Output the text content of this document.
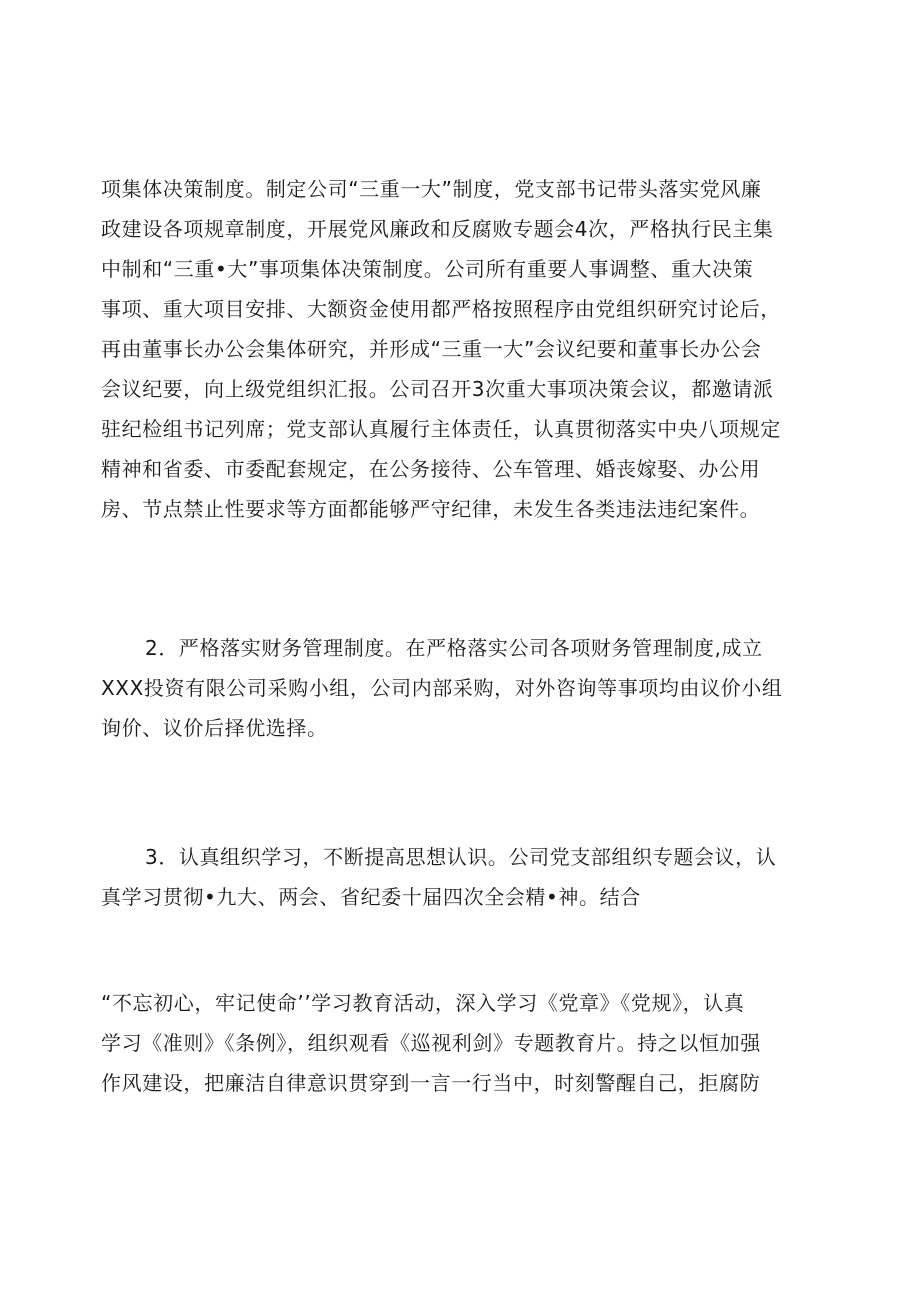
项集体决策制度。制定公司“三重一大”制度，党支部书记带头落实党风廉
政建设各项规章制度，开展党风廉政和反腐败专题会4次，严格执行民主集
中制和“三重•大”事项集体决策制度。公司所有重要人事调整、重大决策
事项、重大项目安排、大额资金使用都严格按照程序由党组织研究讨论后，
再由董事长办公会集体研究，并形成“三重一大”会议纪要和董事长办公会
会议纪要，向上级党组织汇报。公司召开3次重大事项决策会议，都邀请派
驻纪检组书记列席；党支部认真履行主体责任，认真贯彻落实中央八项规定
精神和省委、市委配套规定，在公务接待、公车管理、婚丧嫁娶、办公用
房、节点禁止性要求等方面都能够严守纪律，未发生各类违法违纪案件。
2．严格落实财务管理制度。在严格落实公司各项财务管理制度,成立
XXX投资有限公司采购小组，公司内部采购，对外咨询等事项均由议价小组
询价、议价后择优选择。
3．认真组织学习，不断提高思想认识。公司党支部组织专题会议，认
真学习贯彻•九大、两会、省纪委十届四次全会精•神。结合
“不忘初心，牢记使命’’学习教育活动，深入学习《党章》《党规》，认真
学习《准则》《条例》，组织观看《巡视利剑》专题教育片。持之以恒加强
作风建设，把廉洁自律意识贯穿到一言一行当中，时刻警醒自己，拒腐防
